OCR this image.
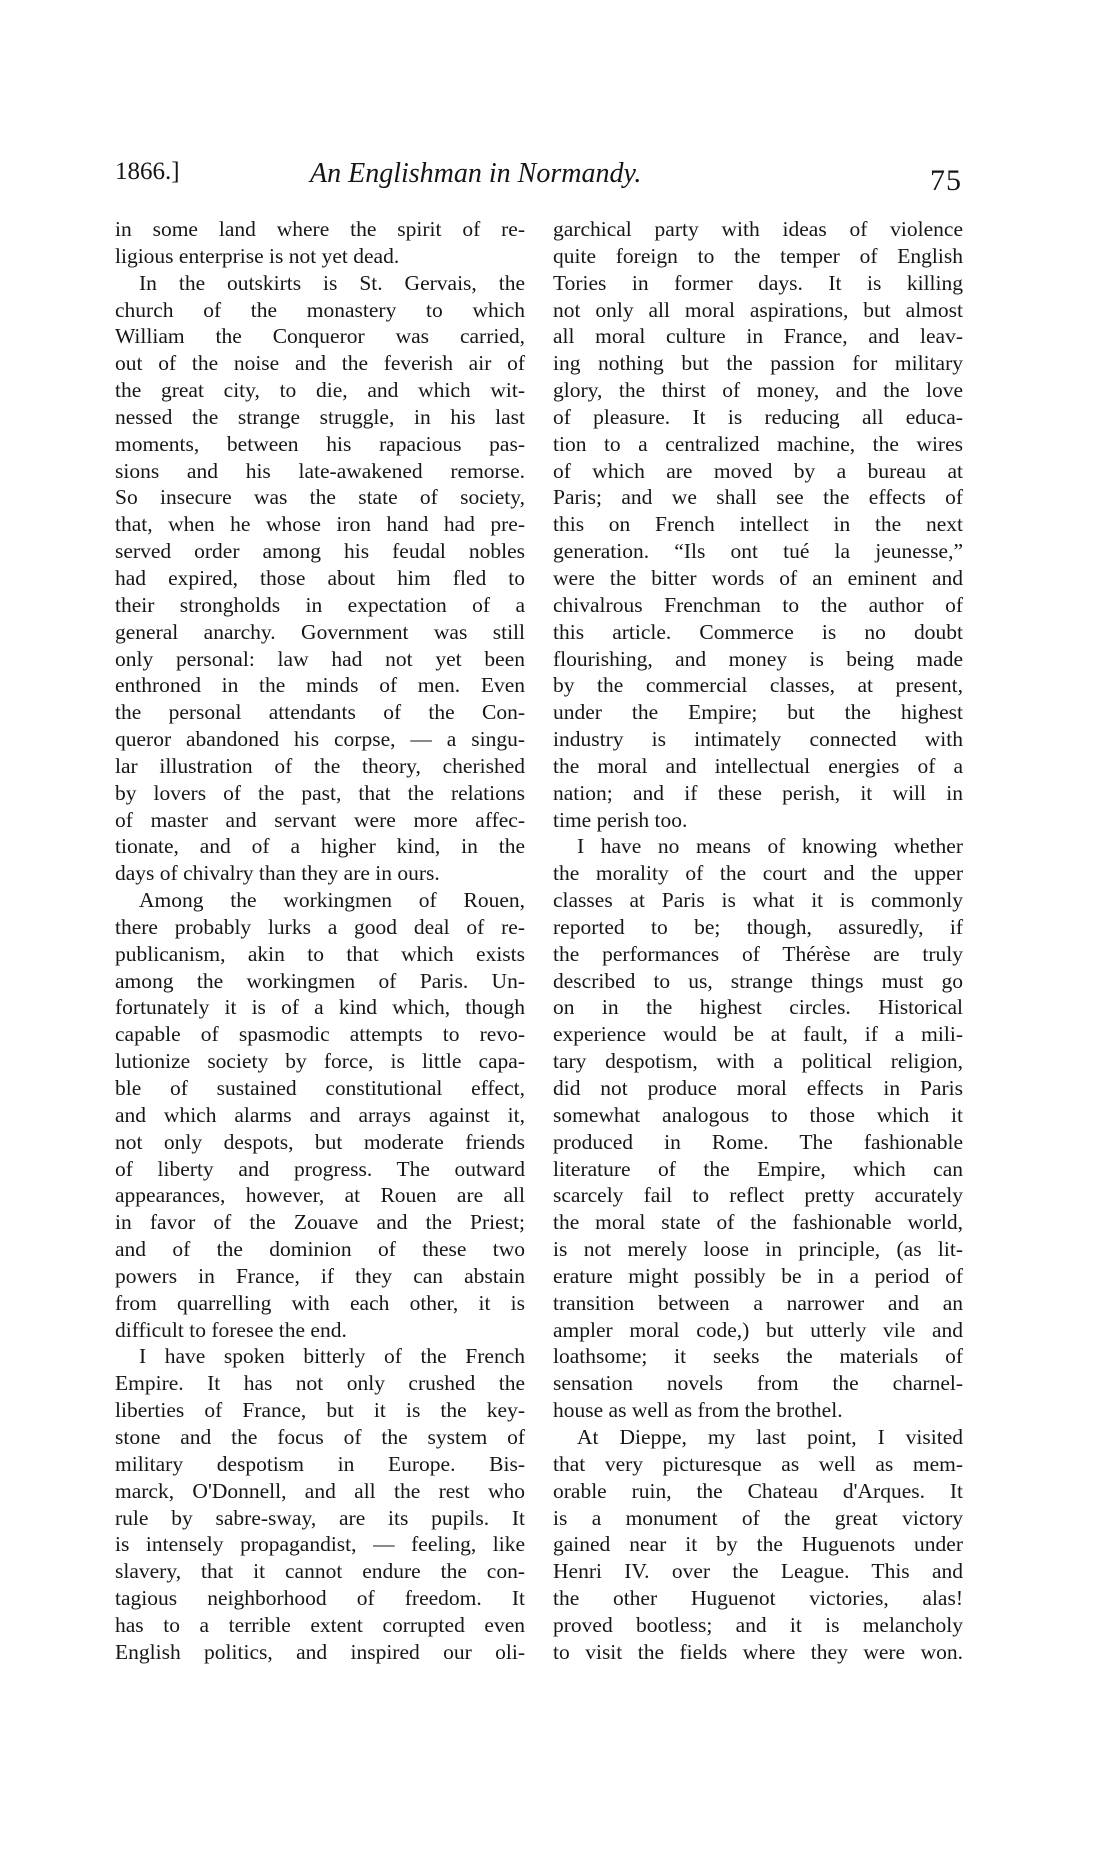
1866.]	An Englishman in Normandy.	75
in some land where the spirit of re-
ligious enterprise is not yet dead.
In the outskirts is St. Gervais, the
church of the monastery to which
William the Conqueror was carried,
out of the noise and the feverish air of
the great city, to die, and which wit-
nessed the strange struggle, in his last
moments, between his rapacious pas-
sions and his late-awakened remorse.
So insecure was the state of society,
that, when he whose iron hand had pre-
served order among his feudal nobles
had expired, those about him fled to
their strongholds in expectation of a
general anarchy. Government was still
only personal: law had not yet been
enthroned in the minds of men. Even
the personal attendants of the Con-
queror abandoned his corpse, — a singu-
lar illustration of the theory, cherished
by lovers of the past, that the relations
of master and servant were more affec-
tionate, and of a higher kind, in the
days of chivalry than they are in ours.
Among the workingmen of Rouen,
there probably lurks a good deal of re-
publicanism, akin to that which exists
among the workingmen of Paris. Un-
fortunately it is of a kind which, though
capable of spasmodic attempts to revo-
lutionize society by force, is little capa-
ble of sustained constitutional effect,
and which alarms and arrays against it,
not only despots, but moderate friends
of liberty and progress. The outward
appearances, however, at Rouen are all
in favor of the Zouave and the Priest;
and of the dominion of these two
powers in France, if they can abstain
from quarrelling with each other, it is
difficult to foresee the end.
I have spoken bitterly of the French
Empire. It has not only crushed the
liberties of France, but it is the key-
stone and the focus of the system of
military despotism in Europe. Bis-
marck, O'Donnell, and all the rest who
rule by sabre-sway, are its pupils. It
is intensely propagandist, — feeling, like
slavery, that it cannot endure the con-
tagious neighborhood of freedom. It
has to a terrible extent corrupted even
English politics, and inspired our oli-
garchical party with ideas of violence
quite foreign to the temper of English
Tories in former days. It is killing
not only all moral aspirations, but almost
all moral culture in France, and leav-
ing nothing but the passion for military
glory, the thirst of money, and the love
of pleasure. It is reducing all educa-
tion to a centralized machine, the wires
of which are moved by a bureau at
Paris; and we shall see the effects of
this on French intellect in the next
generation. “Ils ont tué la jeunesse,”
were the bitter words of an eminent and
chivalrous Frenchman to the author of
this article. Commerce is no doubt
flourishing, and money is being made
by the commercial classes, at present,
under the Empire; but the highest
industry is intimately connected with
the moral and intellectual energies of a
nation; and if these perish, it will in
time perish too.
I have no means of knowing whether
the morality of the court and the upper
classes at Paris is what it is commonly
reported to be; though, assuredly, if
the performances of Thérèse are truly
described to us, strange things must go
on in the highest circles. Historical
experience would be at fault, if a mili-
tary despotism, with a political religion,
did not produce moral effects in Paris
somewhat analogous to those which it
produced in Rome. The fashionable
literature of the Empire, which can
scarcely fail to reflect pretty accurately
the moral state of the fashionable world,
is not merely loose in principle, (as lit-
erature might possibly be in a period of
transition between a narrower and an
ampler moral code,) but utterly vile and
loathsome; it seeks the materials of
sensation novels from the charnel-
house as well as from the brothel.
At Dieppe, my last point, I visited
that very picturesque as well as mem-
orable ruin, the Chateau d'Arques. It
is a monument of the great victory
gained near it by the Huguenots under
Henri IV. over the League. This and
the other Huguenot victories, alas!
proved bootless; and it is melancholy
to visit the fields where they were won.
